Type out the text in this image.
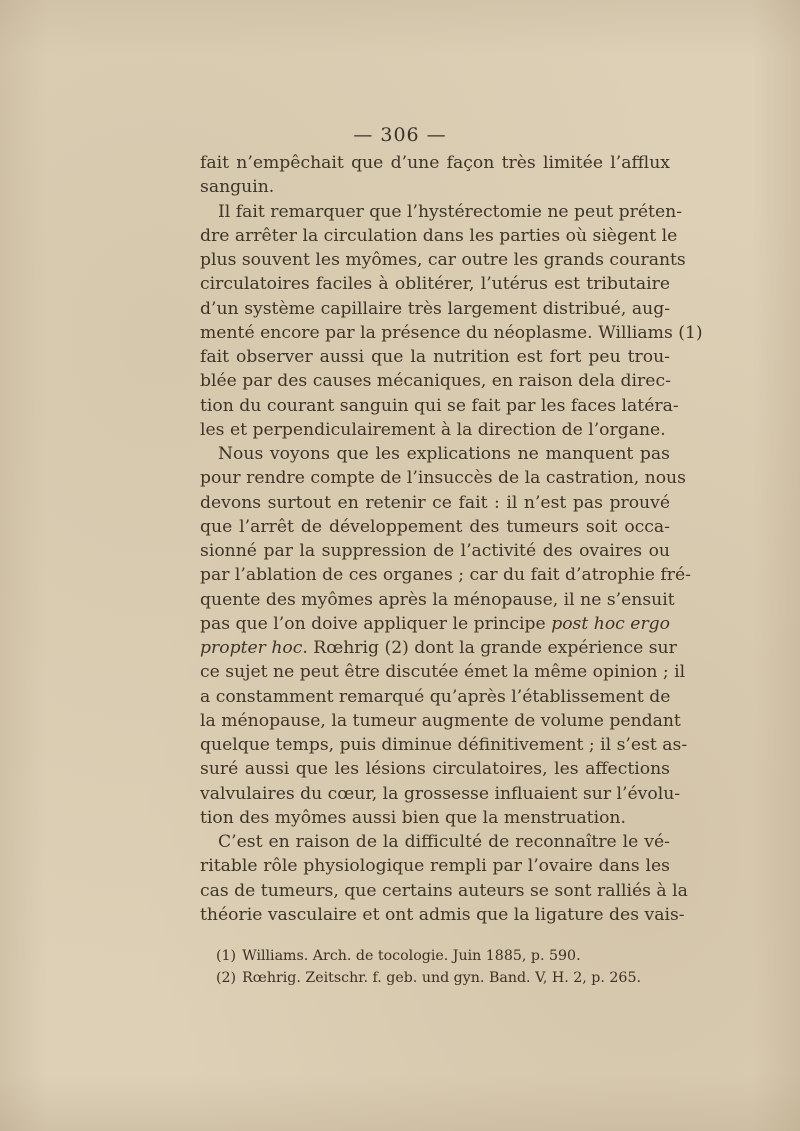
— 306 —
fait n’empêchait que d’une façon très limitée l’afflux
sanguin.
Il fait remarquer que l’hystérectomie ne peut préten-
dre arrêter la circulation dans les parties où siègent le
plus souvent les myômes, car outre les grands courants
circulatoires faciles à oblitérer, l’utérus est tributaire
d’un système capillaire très largement distribué, aug-
menté encore par la présence du néoplasme. Williams (1)
fait observer aussi que la nutrition est fort peu trou-
blée par des causes mécaniques, en raison dela direc-
tion du courant sanguin qui se fait par les faces latéra-
les et perpendiculairement à la direction de l’organe.
Nous voyons que les explications ne manquent pas
pour rendre compte de l’insuccès de la castration, nous
devons surtout en retenir ce fait : il n’est pas prouvé
que l’arrêt de développement des tumeurs soit occa-
sionné par la suppression de l’activité des ovaires ou
par l’ablation de ces organes ; car du fait d’atrophie fré-
quente des myômes après la ménopause, il ne s’ensuit
pas que l’on doive appliquer le principe post hoc ergo
propter hoc. Rœhrig (2) dont la grande expérience sur
ce sujet ne peut être discutée émet la même opinion ; il
a constamment remarqué qu’après l’établissement de
la ménopause, la tumeur augmente de volume pendant
quelque temps, puis diminue définitivement ; il s’est as-
suré aussi que les lésions circulatoires, les affections
valvulaires du cœur, la grossesse influaient sur l’évolu-
tion des myômes aussi bien que la menstruation.
C’est en raison de la difficulté de reconnaître le vé-
ritable rôle physiologique rempli par l’ovaire dans les
cas de tumeurs, que certains auteurs se sont ralliés à la
théorie vasculaire et ont admis que la ligature des vais-
(1) Williams. Arch. de tocologie. Juin 1885, p. 590.
(2) Rœhrig. Zeitschr. f. geb. und gyn. Band. V, H. 2, p. 265.
